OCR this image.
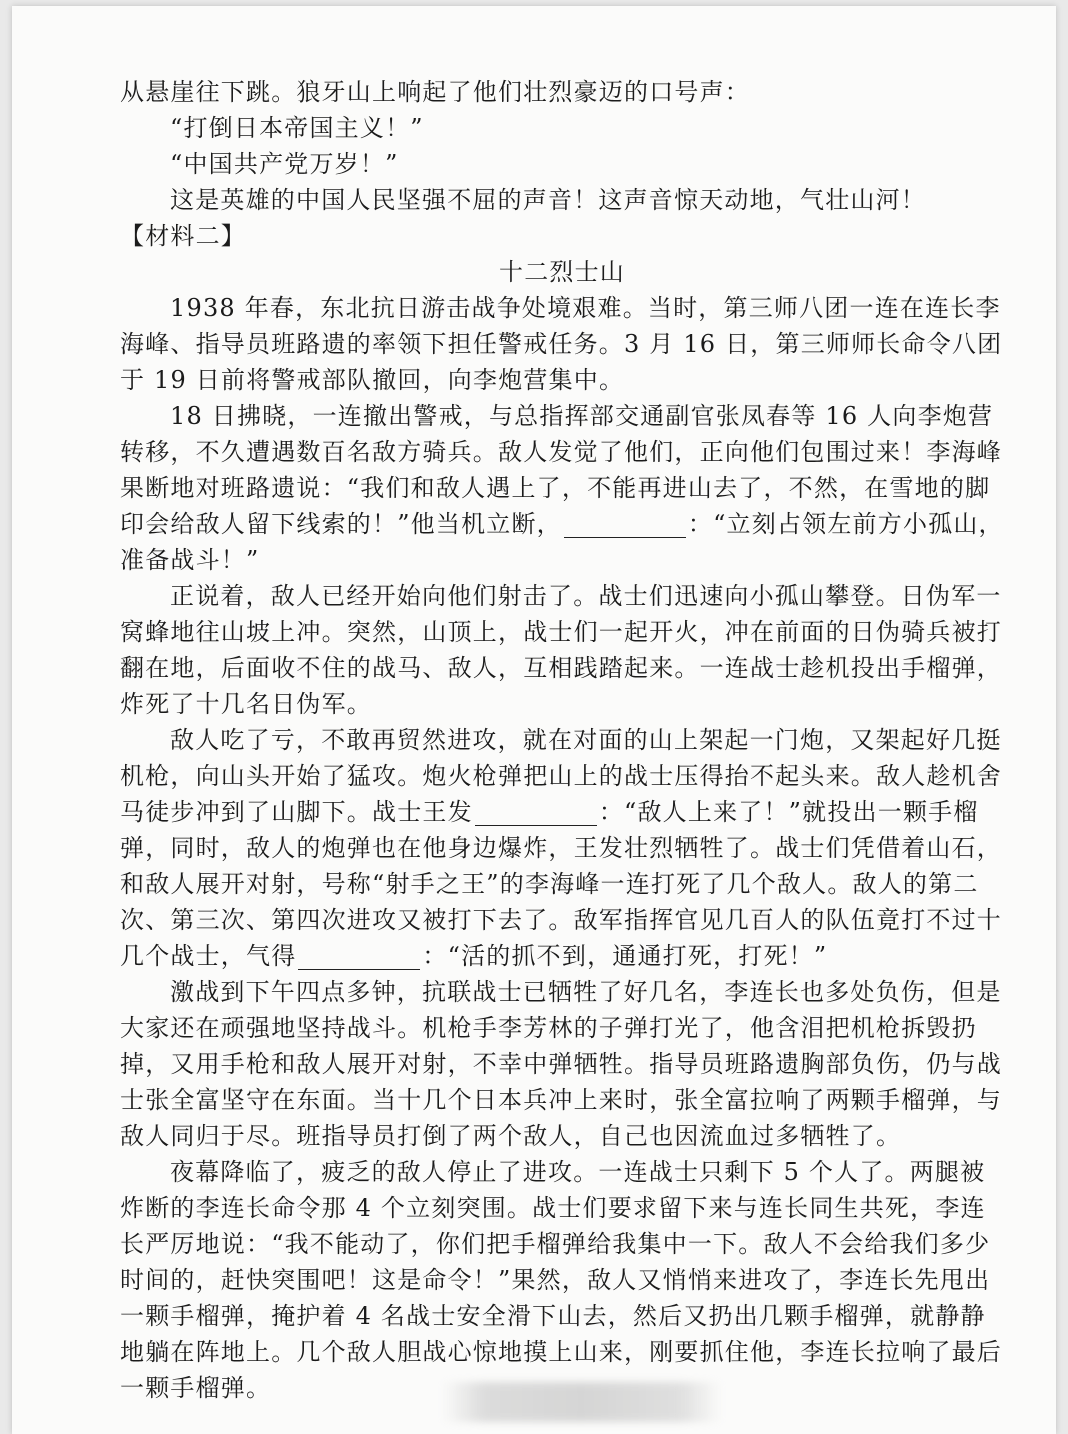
从悬崖往下跳。狼牙山上响起了他们壮烈豪迈的口号声：

“打倒日本帝国主义！”

“中国共产党万岁！”

这是英雄的中国人民坚强不屈的声音！这声音惊天动地，气壮山河！

【材料二】

十二烈士山

1938 年春，东北抗日游击战争处境艰难。当时，第三师八团一连在连长李海峰、指导员班路遗的率领下担任警戒任务。3 月 16 日，第三师师长命令八团于 19 日前将警戒部队撤回，向李炮营集中。

18 日拂晓，一连撤出警戒，与总指挥部交通副官张凤春等 16 人向李炮营转移，不久遭遇数百名敌方骑兵。敌人发觉了他们，正向他们包围过来！李海峰果断地对班路遗说：“我们和敌人遇上了，不能再进山去了，不然，在雪地的脚印会给敌人留下线索的！”他当机立断，	：“立刻占领左前方小孤山，准备战斗！”

正说着，敌人已经开始向他们射击了。战士们迅速向小孤山攀登。日伪军一窝蜂地往山坡上冲。突然，山顶上，战士们一起开火，冲在前面的日伪骑兵被打翻在地，后面收不住的战马、敌人，互相践踏起来。一连战士趁机投出手榴弹，炸死了十几名日伪军。

敌人吃了亏，不敢再贸然进攻，就在对面的山上架起一门炮，又架起好几挺机枪，向山头开始了猛攻。炮火枪弹把山上的战士压得抬不起头来。敌人趁机舍马徒步冲到了山脚下。战士王发	：“敌人上来了！”就投出一颗手榴弹，同时，敌人的炮弹也在他身边爆炸，王发壮烈牺牲了。战士们凭借着山石，和敌人展开对射，号称“射手之王”的李海峰一连打死了几个敌人。敌人的第二次、第三次、第四次进攻又被打下去了。敌军指挥官见几百人的队伍竟打不过十几个战士，气得	：“活的抓不到，通通打死，打死！”

激战到下午四点多钟，抗联战士已牺牲了好几名，李连长也多处负伤，但是大家还在顽强地坚持战斗。机枪手李芳林的子弹打光了，他含泪把机枪拆毁扔掉，又用手枪和敌人展开对射，不幸中弹牺牲。指导员班路遗胸部负伤，仍与战士张全富坚守在东面。当十几个日本兵冲上来时，张全富拉响了两颗手榴弹，与敌人同归于尽。班指导员打倒了两个敌人，自己也因流血过多牺牲了。

夜幕降临了，疲乏的敌人停止了进攻。一连战士只剩下 5 个人了。两腿被炸断的李连长命令那 4 个立刻突围。战士们要求留下来与连长同生共死，李连长严厉地说：“我不能动了，你们把手榴弹给我集中一下。敌人不会给我们多少时间的，赶快突围吧！这是命令！”果然，敌人又悄悄来进攻了，李连长先甩出一颗手榴弹，掩护着 4 名战士安全滑下山去，然后又扔出几颗手榴弹，就静静地躺在阵地上。几个敌人胆战心惊地摸上山来，刚要抓住他，李连长拉响了最后一颗手榴弹。
